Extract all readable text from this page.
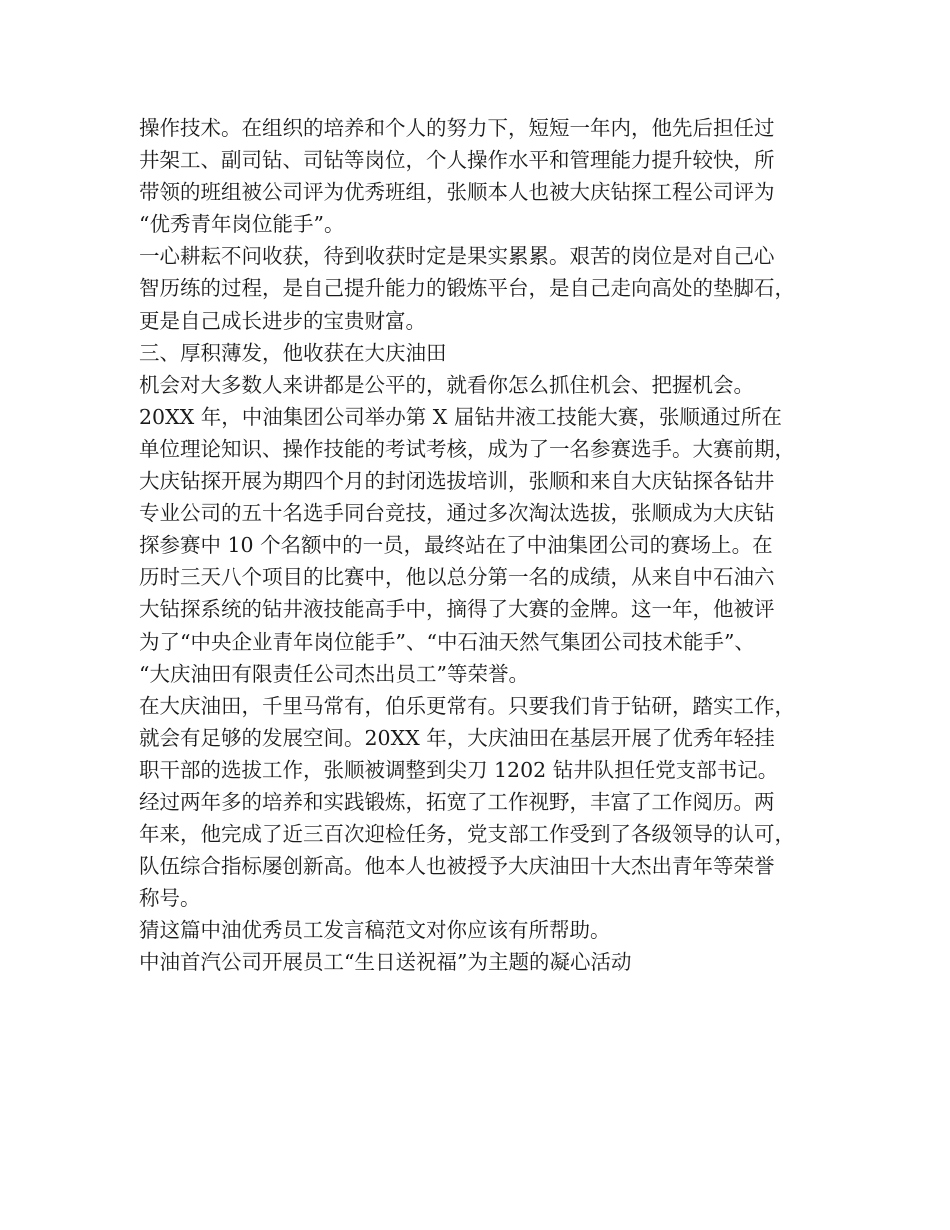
操作技术。在组织的培养和个人的努力下，短短一年内，他先后担任过
井架工、副司钻、司钻等岗位，个人操作水平和管理能力提升较快，所
带领的班组被公司评为优秀班组，张顺本人也被大庆钻探工程公司评为
“优秀青年岗位能手”。
一心耕耘不问收获，待到收获时定是果实累累。艰苦的岗位是对自己心
智历练的过程，是自己提升能力的锻炼平台，是自己走向高处的垫脚石，
更是自己成长进步的宝贵财富。
三、厚积薄发，他收获在大庆油田
机会对大多数人来讲都是公平的，就看你怎么抓住机会、把握机会。
20XX 年，中油集团公司举办第 X 届钻井液工技能大赛，张顺通过所在
单位理论知识、操作技能的考试考核，成为了一名参赛选手。大赛前期，
大庆钻探开展为期四个月的封闭选拔培训，张顺和来自大庆钻探各钻井
专业公司的五十名选手同台竞技，通过多次淘汰选拔，张顺成为大庆钻
探参赛中 10 个名额中的一员，最终站在了中油集团公司的赛场上。在
历时三天八个项目的比赛中，他以总分第一名的成绩，从来自中石油六
大钻探系统的钻井液技能高手中，摘得了大赛的金牌。这一年，他被评
为了“中央企业青年岗位能手”、“中石油天然气集团公司技术能手”、
“大庆油田有限责任公司杰出员工”等荣誉。
在大庆油田，千里马常有，伯乐更常有。只要我们肯于钻研，踏实工作，
就会有足够的发展空间。20XX 年，大庆油田在基层开展了优秀年轻挂
职干部的选拔工作，张顺被调整到尖刀 1202 钻井队担任党支部书记。
经过两年多的培养和实践锻炼，拓宽了工作视野，丰富了工作阅历。两
年来，他完成了近三百次迎检任务，党支部工作受到了各级领导的认可，
队伍综合指标屡创新高。他本人也被授予大庆油田十大杰出青年等荣誉
称号。
猜这篇中油优秀员工发言稿范文对你应该有所帮助。
中油首汽公司开展员工“生日送祝福”为主题的凝心活动
